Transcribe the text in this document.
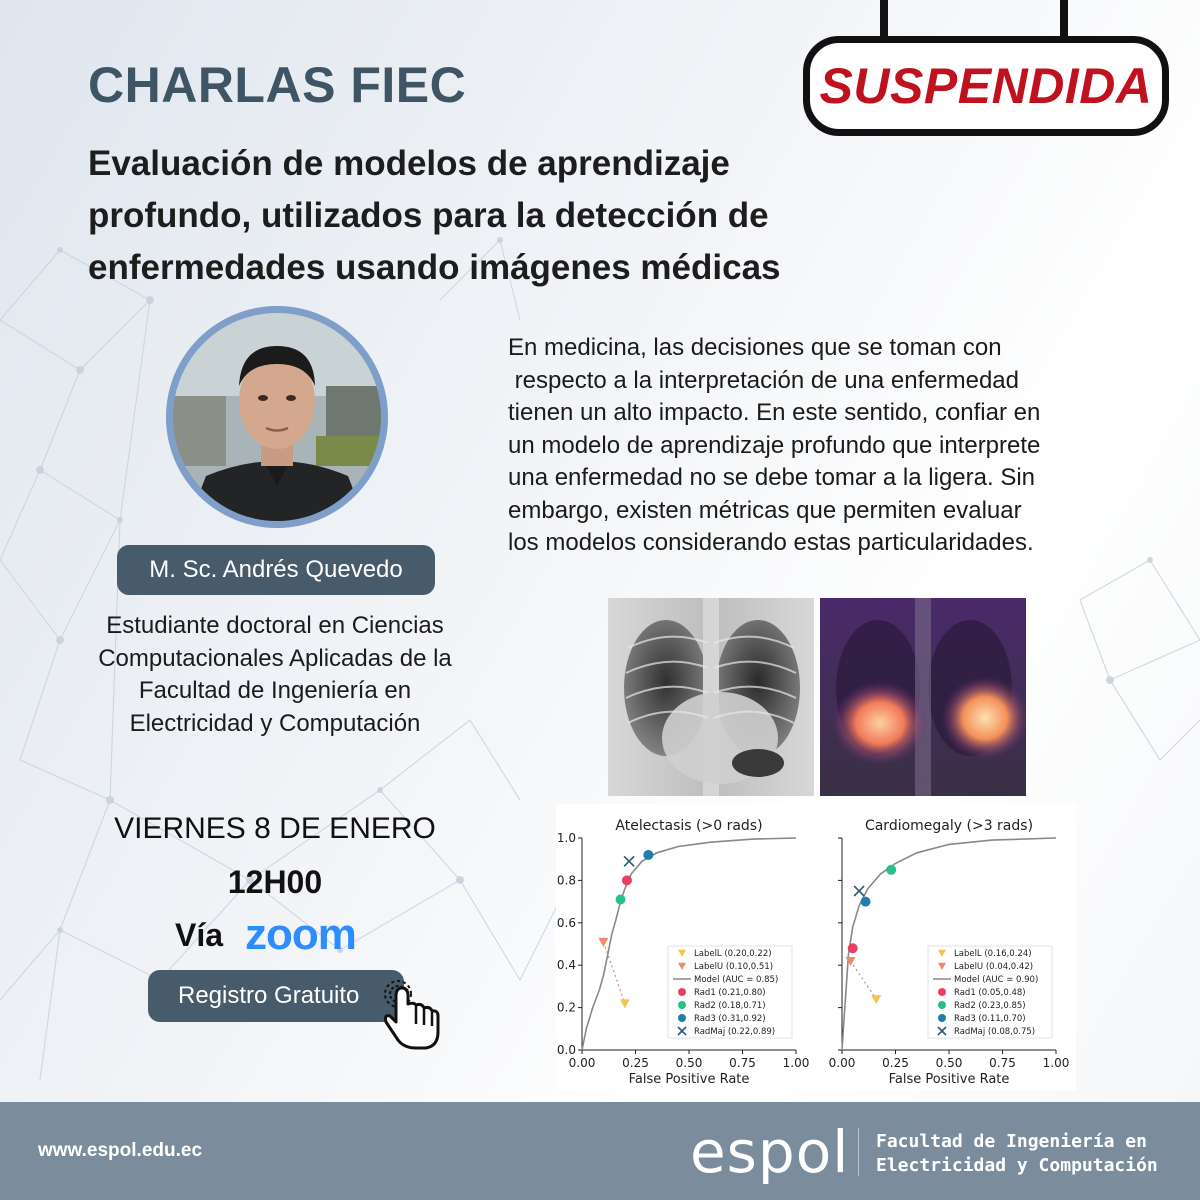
CHARLAS FIEC
Evaluación de modelos de aprendizaje
profundo, utilizados para la detección de
enfermedades usando imágenes médicas
SUSPENDIDA
M. Sc. Andrés Quevedo
Estudiante doctoral en Ciencias
Computacionales Aplicadas de la
Facultad de Ingeniería en
Electricidad y Computación
VIERNES 8 DE ENERO
12H00
Vía zoom
Registro Gratuito

En medicina, las decisiones que se toman con

respecto a la interpretación de una enfermedad

tienen un alto impacto. En este sentido, confiar en

un modelo de aprendizaje profundo que interprete

una enfermedad no se debe tomar a la ligera. Sin

embargo, existen métricas que permiten evaluar

los modelos considerando estas particularidades.

Atelectasis (>0 rads)
0.00 0.25 0.50 0.75 1.00
1.0
0.8
0.6
0.4
0.2
0.0
False Positive Rate
LabelL (0.20,0.22)
LabelU (0.10,0.51)
Model (AUC = 0.85)
Rad1 (0.21,0.80)
Rad2 (0.18,0.71)
Rad3 (0.31,0.92)
RadMaj (0.22,0.89)
Cardiomegaly (>3 rads)
0.00 0.25 0.50 0.75 1.00
False Positive Rate
LabelL (0.16,0.24)
LabelU (0.04,0.42)
Model (AUC = 0.90)
Rad1 (0.05,0.48)
Rad2 (0.23,0.85)
Rad3 (0.11,0.70)
RadMaj (0.08,0.75)
www.espol.edu.ec	espol Facultad de Ingeniería en
Electricidad y Computación
